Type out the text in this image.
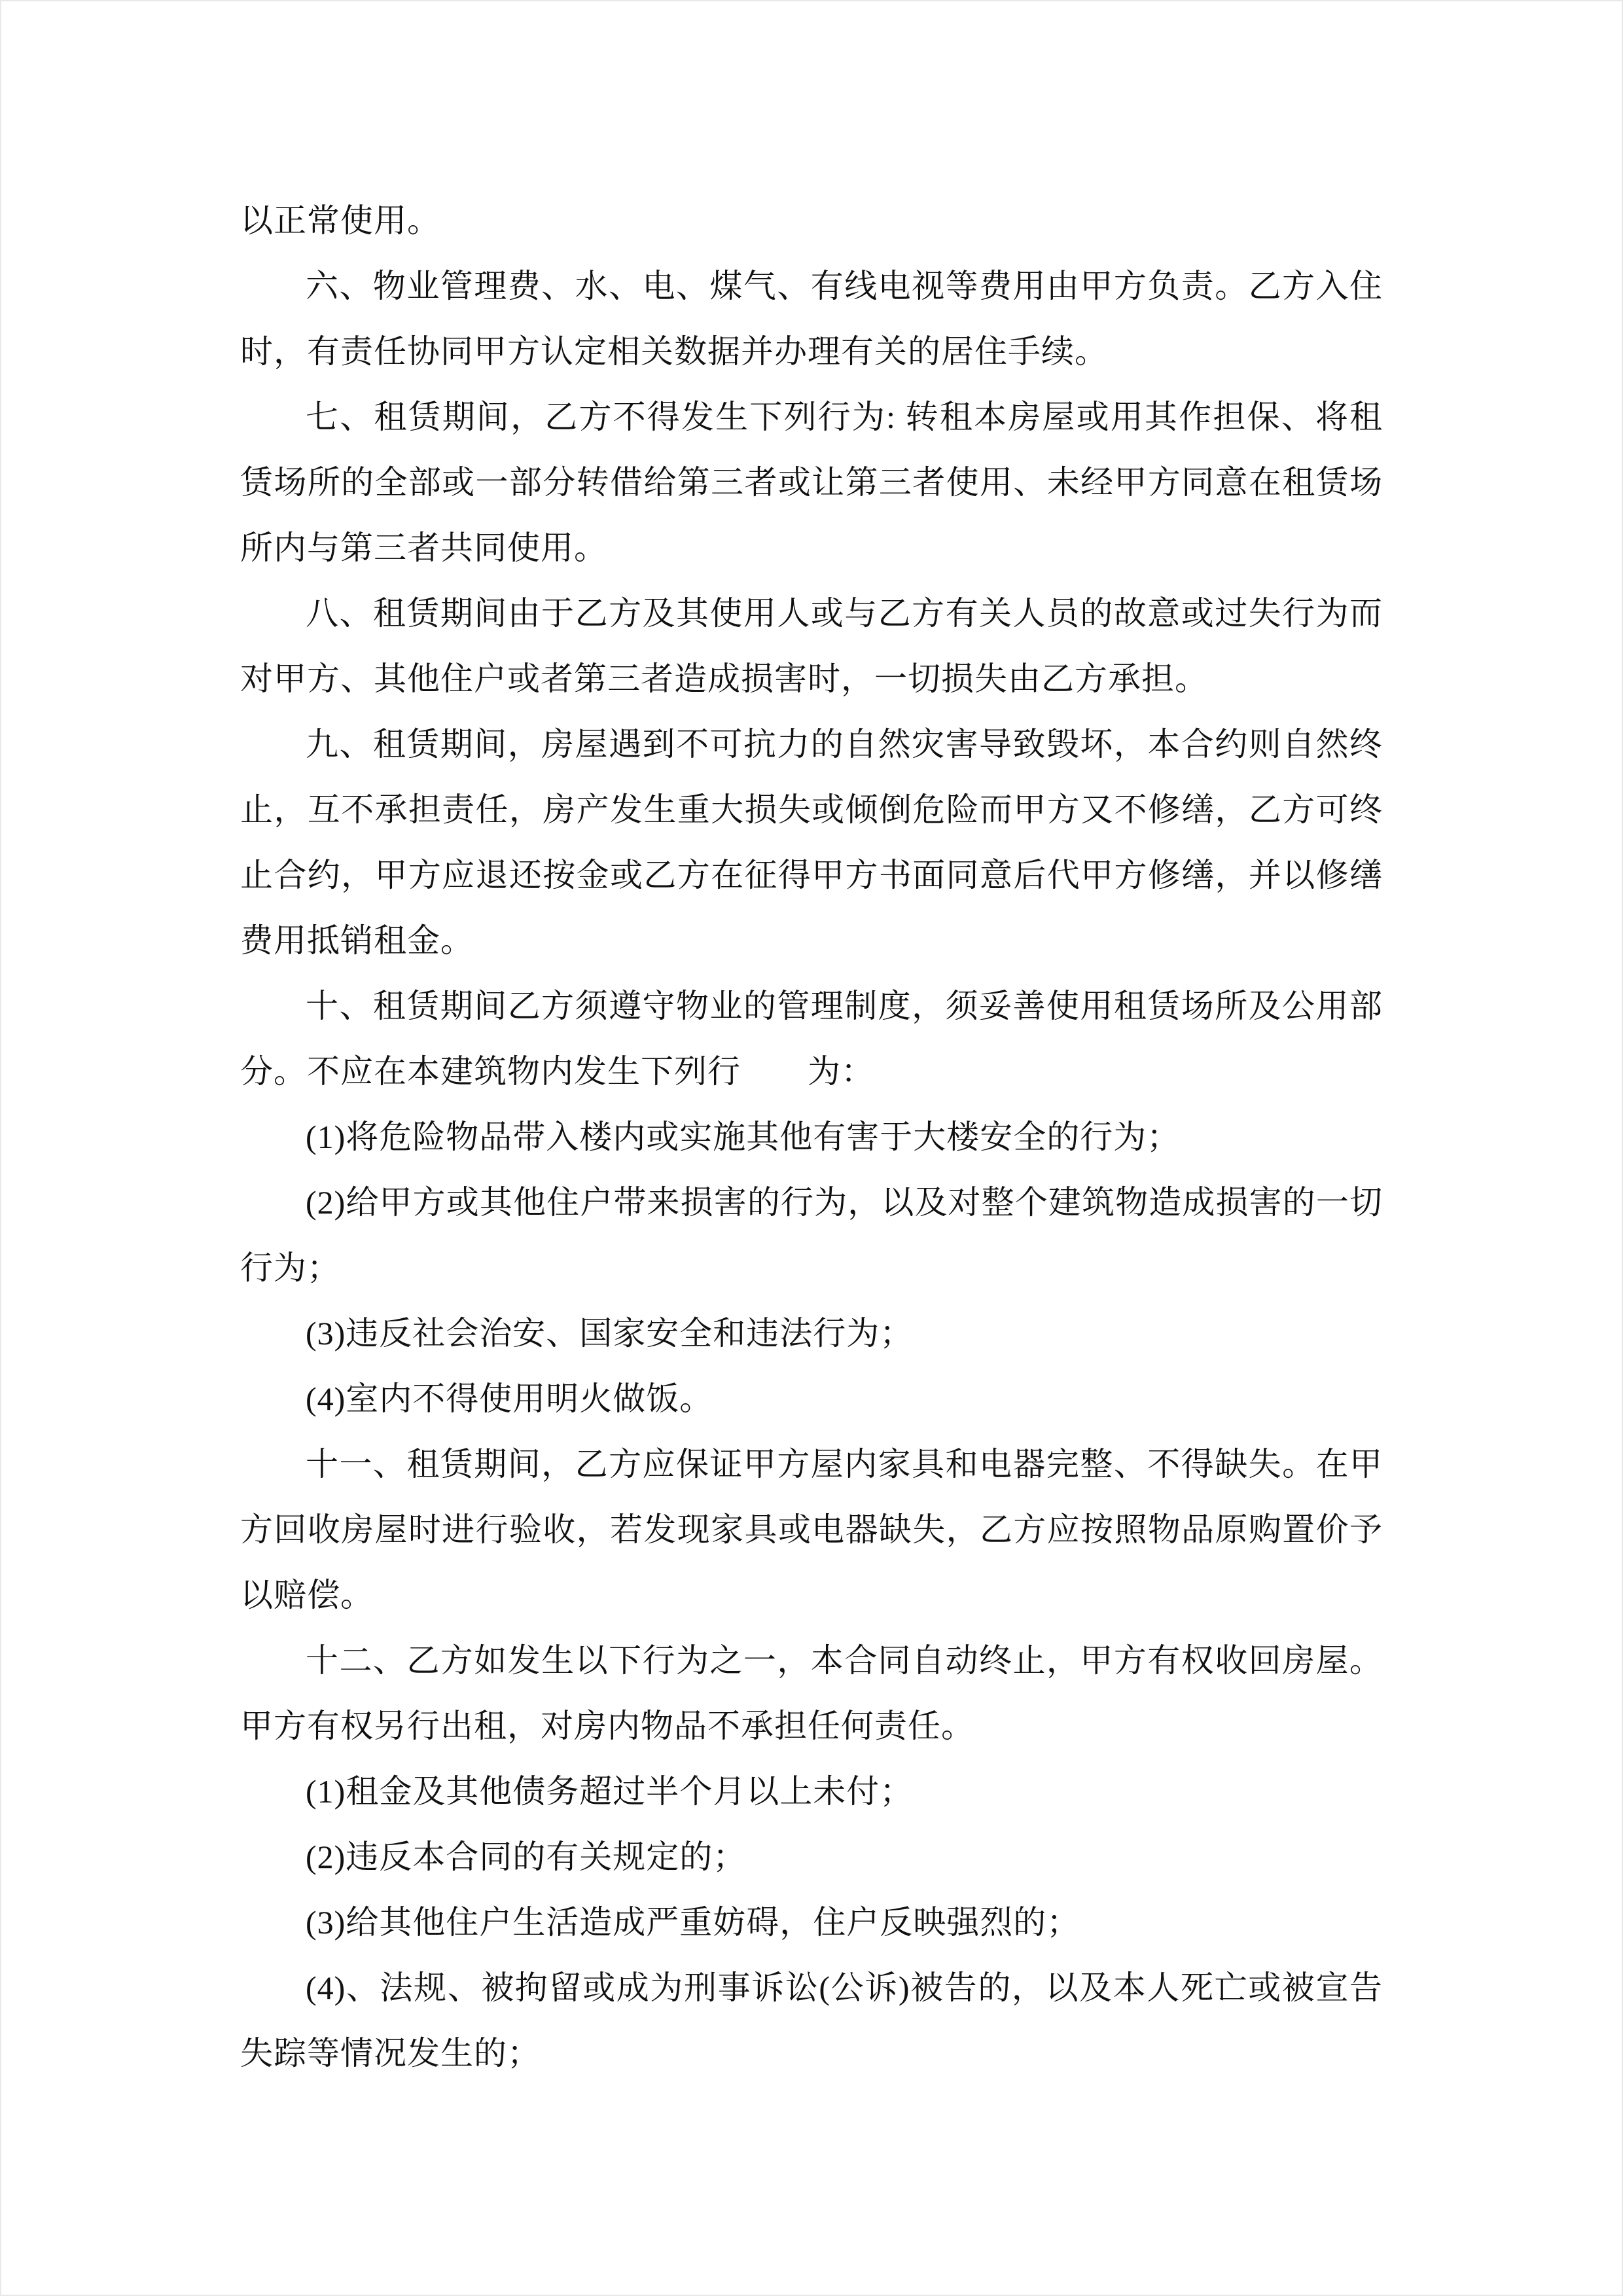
以正常使用。

六、物业管理费、水、电、煤气、有线电视等费用由甲方负责。乙方入住时，有责任协同甲方认定相关数据并办理有关的居住手续。

七、租赁期间，乙方不得发生下列行为: 转租本房屋或用其作担保、将租赁场所的全部或一部分转借给第三者或让第三者使用、未经甲方同意在租赁场所内与第三者共同使用。

八、租赁期间由于乙方及其使用人或与乙方有关人员的故意或过失行为而对甲方、其他住户或者第三者造成损害时，一切损失由乙方承担。

九、租赁期间，房屋遇到不可抗力的自然灾害导致毁坏，本合约则自然终止，互不承担责任，房产发生重大损失或倾倒危险而甲方又不修缮，乙方可终止合约，甲方应退还按金或乙方在征得甲方书面同意后代甲方修缮，并以修缮费用抵销租金。

十、租赁期间乙方须遵守物业的管理制度，须妥善使用租赁场所及公用部分。不应在本建筑物内发生下列行　　为：

(1)将危险物品带入楼内或实施其他有害于大楼安全的行为；

(2)给甲方或其他住户带来损害的行为，以及对整个建筑物造成损害的一切行为；

(3)违反社会治安、国家安全和违法行为；

(4)室内不得使用明火做饭。

十一、租赁期间，乙方应保证甲方屋内家具和电器完整、不得缺失。在甲方回收房屋时进行验收，若发现家具或电器缺失，乙方应按照物品原购置价予以赔偿。

十二、乙方如发生以下行为之一，本合同自动终止，甲方有权收回房屋。甲方有权另行出租，对房内物品不承担任何责任。

(1)租金及其他债务超过半个月以上未付；

(2)违反本合同的有关规定的；

(3)给其他住户生活造成严重妨碍，住户反映强烈的；

(4)、法规、被拘留或成为刑事诉讼(公诉)被告的，以及本人死亡或被宣告失踪等情况发生的；
